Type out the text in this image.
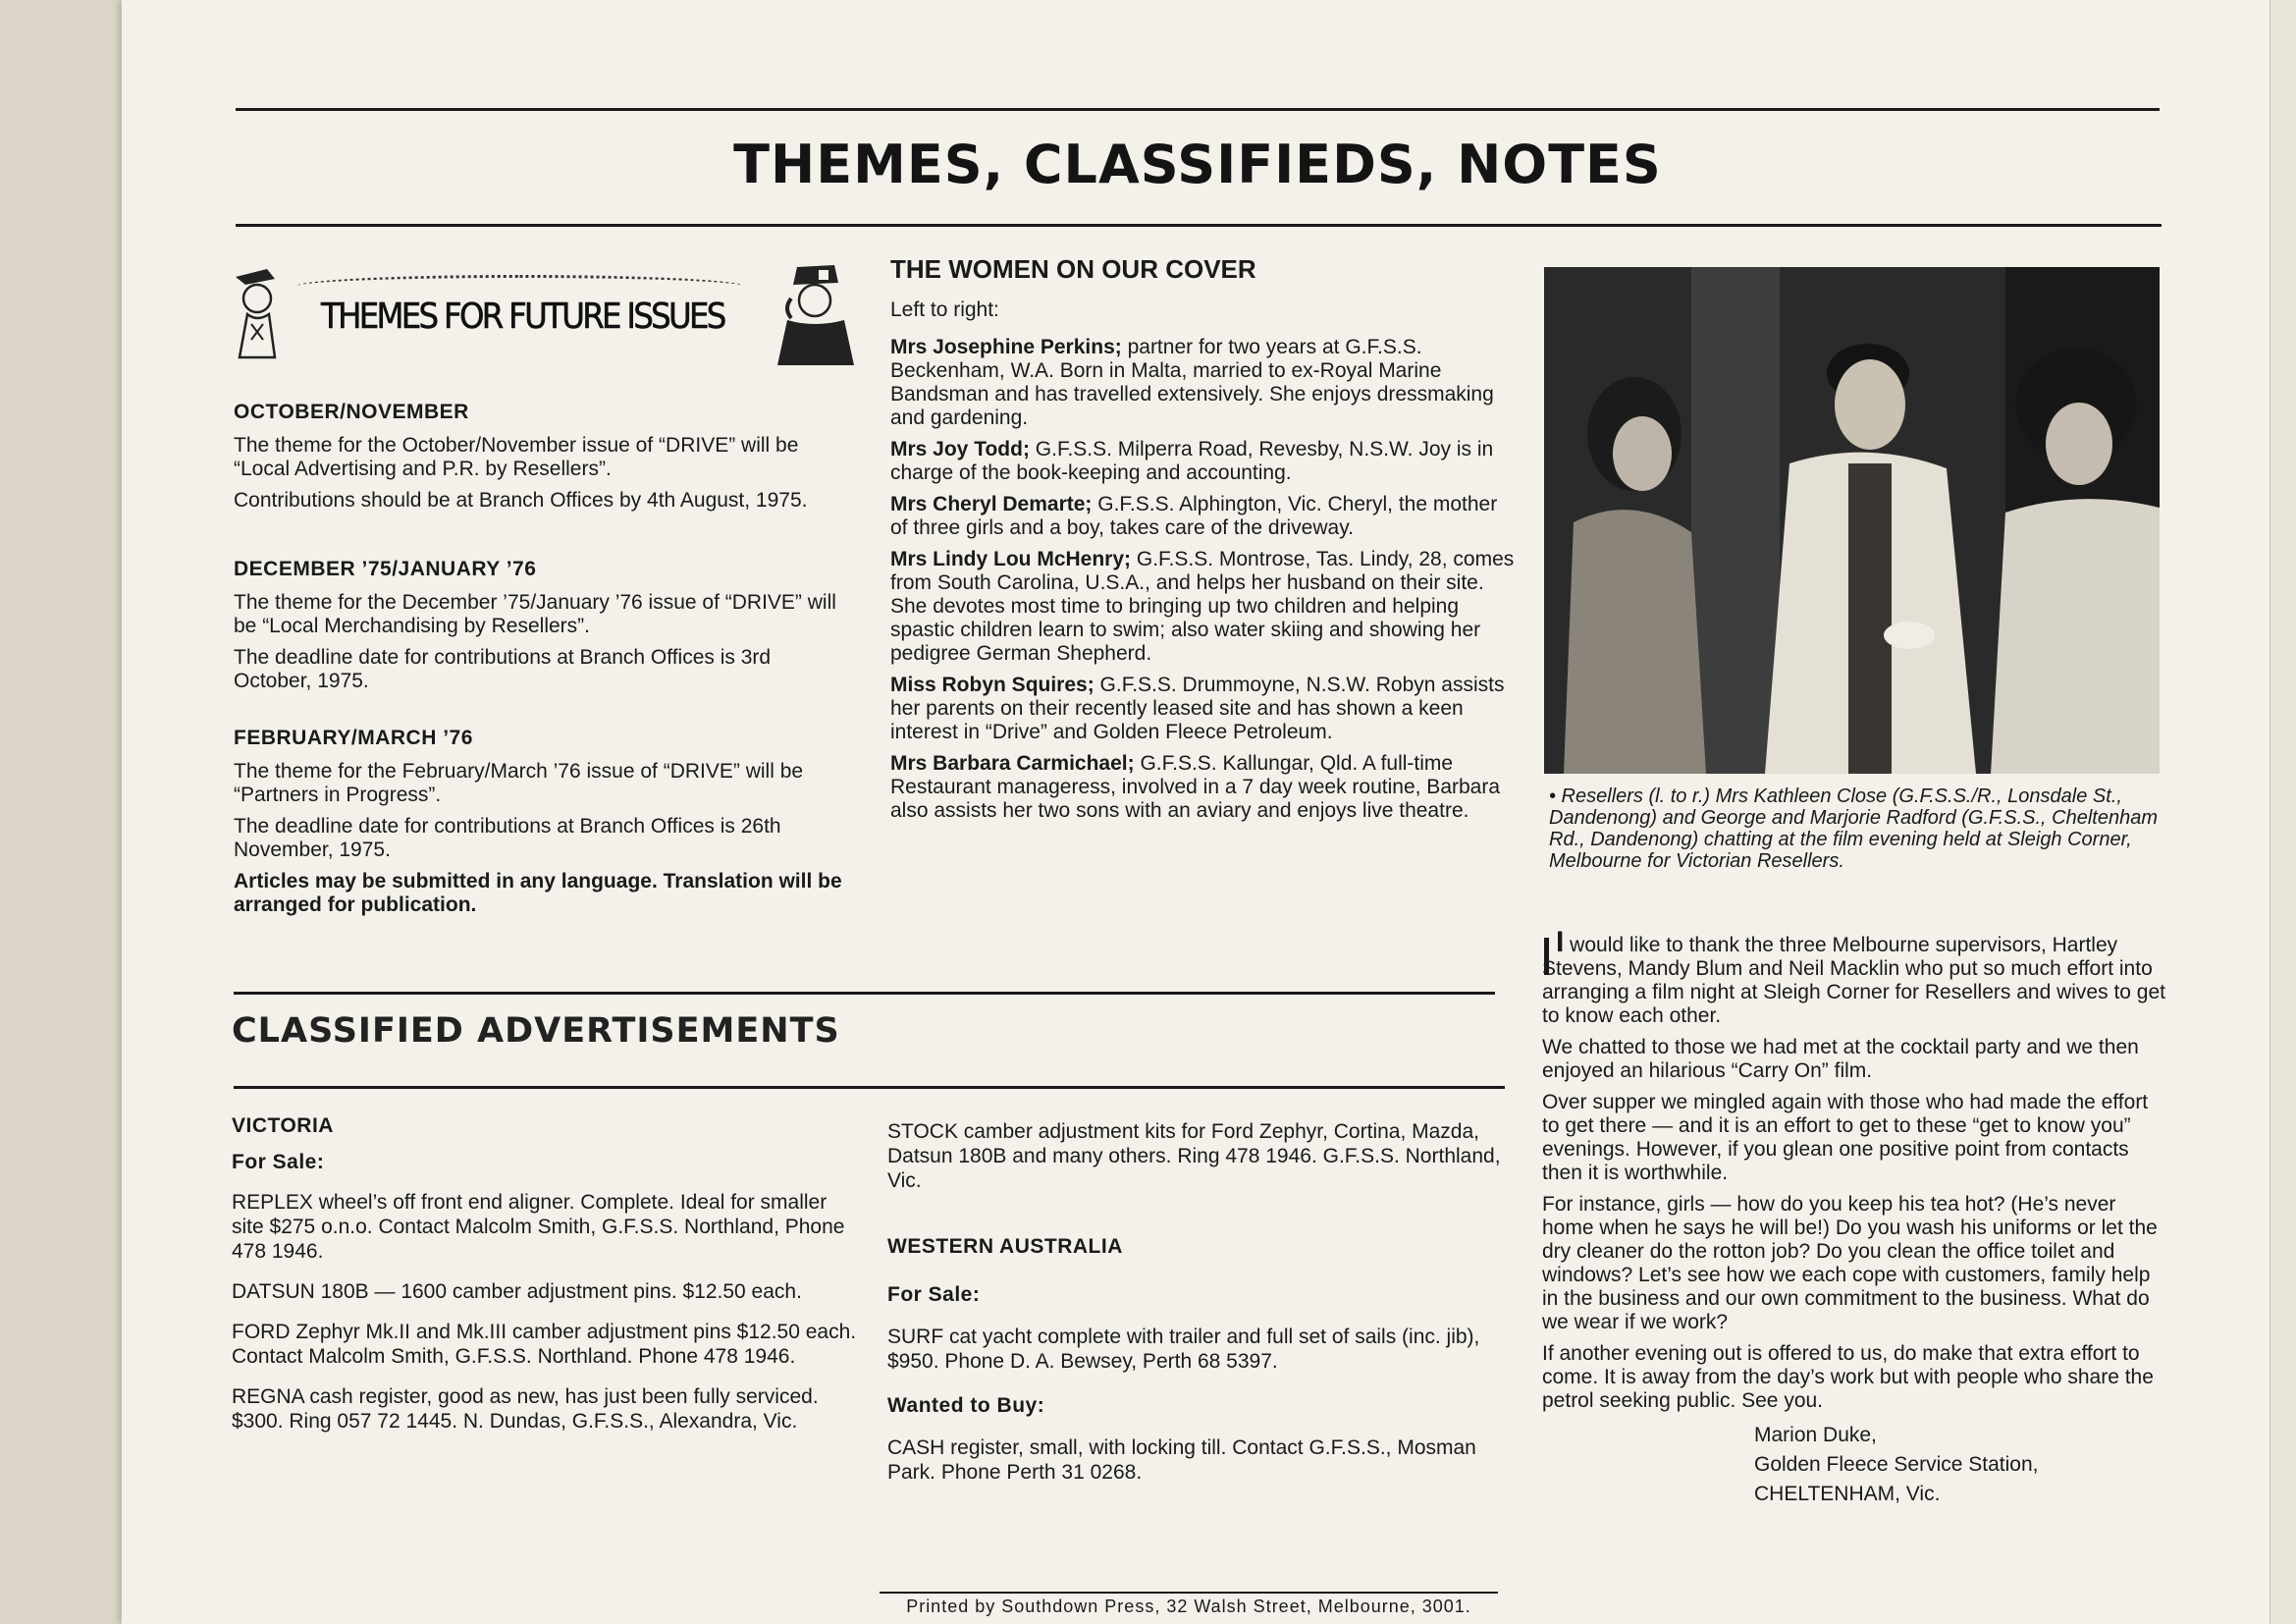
THEMES, CLASSIFIEDS, NOTES
THEMES FOR FUTURE ISSUES
OCTOBER/NOVEMBER

The theme for the October/November issue of “DRIVE” will be “Local Advertising and P.R. by Resellers”.

Contributions should be at Branch Offices by 4th August, 1975.

DECEMBER ’75/JANUARY ’76

The theme for the December ’75/January ’76 issue of “DRIVE” will be “Local Merchandising by Resellers”.

The deadline date for contributions at Branch Offices is 3rd October, 1975.

FEBRUARY/MARCH ’76

The theme for the February/March ’76 issue of “DRIVE” will be “Partners in Progress”.

The deadline date for contributions at Branch Offices is 26th November, 1975.

Articles may be submitted in any language. Translation will be arranged for publication.

THE WOMEN ON OUR COVER

Left to right:

Mrs Josephine Perkins; partner for two years at G.F.S.S. Beckenham, W.A. Born in Malta, married to ex-Royal Marine Bandsman and has travelled extensively. She enjoys dressmaking and gardening.

Mrs Joy Todd; G.F.S.S. Milperra Road, Revesby, N.S.W. Joy is in charge of the book-keeping and accounting.

Mrs Cheryl Demarte; G.F.S.S. Alphington, Vic. Cheryl, the mother of three girls and a boy, takes care of the driveway.

Mrs Lindy Lou McHenry; G.F.S.S. Montrose, Tas. Lindy, 28, comes from South Carolina, U.S.A., and helps her husband on their site. She devotes most time to bringing up two children and helping spastic children learn to swim; also water skiing and showing her pedigree German Shepherd.

Miss Robyn Squires; G.F.S.S. Drummoyne, N.S.W. Robyn assists her parents on their recently leased site and has shown a keen interest in “Drive” and Golden Fleece Petroleum.

Mrs Barbara Carmichael; G.F.S.S. Kallungar, Qld. A full-time Restaurant manageress, involved in a 7 day week routine, Barbara also assists her two sons with an aviary and enjoys live theatre.

• Resellers (l. to r.) Mrs Kathleen Close (G.F.S.S./R., Lonsdale St., Dandenong) and George and Marjorie Radford (G.F.S.S., Cheltenham Rd., Dandenong) chatting at the film evening held at Sleigh Corner, Melbourne for Victorian Resellers.

I would like to thank the three Melbourne supervisors, Hartley Stevens, Mandy Blum and Neil Macklin who put so much effort into arranging a film night at Sleigh Corner for Resellers and wives to get to know each other.

We chatted to those we had met at the cocktail party and we then enjoyed an hilarious “Carry On” film.

Over supper we mingled again with those who had made the effort to get there — and it is an effort to get to these “get to know you” evenings. However, if you glean one positive point from contacts then it is worthwhile.

For instance, girls — how do you keep his tea hot? (He’s never home when he says he will be!) Do you wash his uniforms or let the dry cleaner do the rotton job? Do you clean the office toilet and windows? Let’s see how we each cope with customers, family help in the business and our own commitment to the business. What do we wear if we work?

If another evening out is offered to us, do make that extra effort to come. It is away from the day’s work but with people who share the petrol seeking public. See you.

Marion Duke,
Golden Fleece Service Station,
CHELTENHAM, Vic.
CLASSIFIED ADVERTISEMENTS
VICTORIA
For Sale:

REPLEX wheel’s off front end aligner. Complete. Ideal for smaller site $275 o.n.o. Contact Malcolm Smith, G.F.S.S. Northland, Phone 478 1946.

DATSUN 180B — 1600 camber adjustment pins. $12.50 each.

FORD Zephyr Mk.II and Mk.III camber adjustment pins $12.50 each. Contact Malcolm Smith, G.F.S.S. Northland. Phone 478 1946.

REGNA cash register, good as new, has just been fully serviced. $300. Ring 057 72 1445. N. Dundas, G.F.S.S., Alexandra, Vic.

STOCK camber adjustment kits for Ford Zephyr, Cortina, Mazda, Datsun 180B and many others. Ring 478 1946. G.F.S.S. Northland, Vic.

WESTERN AUSTRALIA
For Sale:

SURF cat yacht complete with trailer and full set of sails (inc. jib), $950. Phone D. A. Bewsey, Perth 68 5397.

Wanted to Buy:

CASH register, small, with locking till. Contact G.F.S.S., Mosman Park. Phone Perth 31 0268.

Printed by Southdown Press, 32 Walsh Street, Melbourne, 3001.
